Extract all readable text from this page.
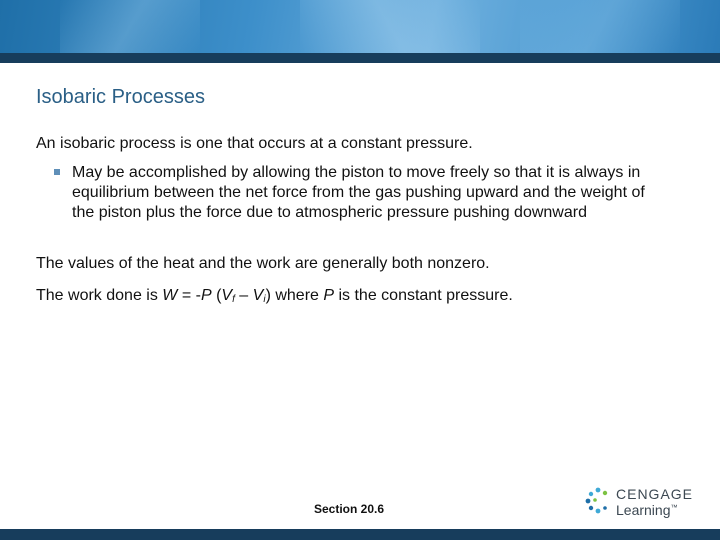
Isobaric Processes

An isobaric process is one that occurs at a constant pressure.

May be accomplished by allowing the piston to move freely so that it is always in equilibrium between the net force from the gas pushing upward and the weight of the piston plus the force due to atmospheric pressure pushing downward

The values of the heat and the work are generally both nonzero.

The work done is W = -P $(V_f - V_i)$ where P is the constant pressure.

Section 20.6
CENGAGE
Learning™
